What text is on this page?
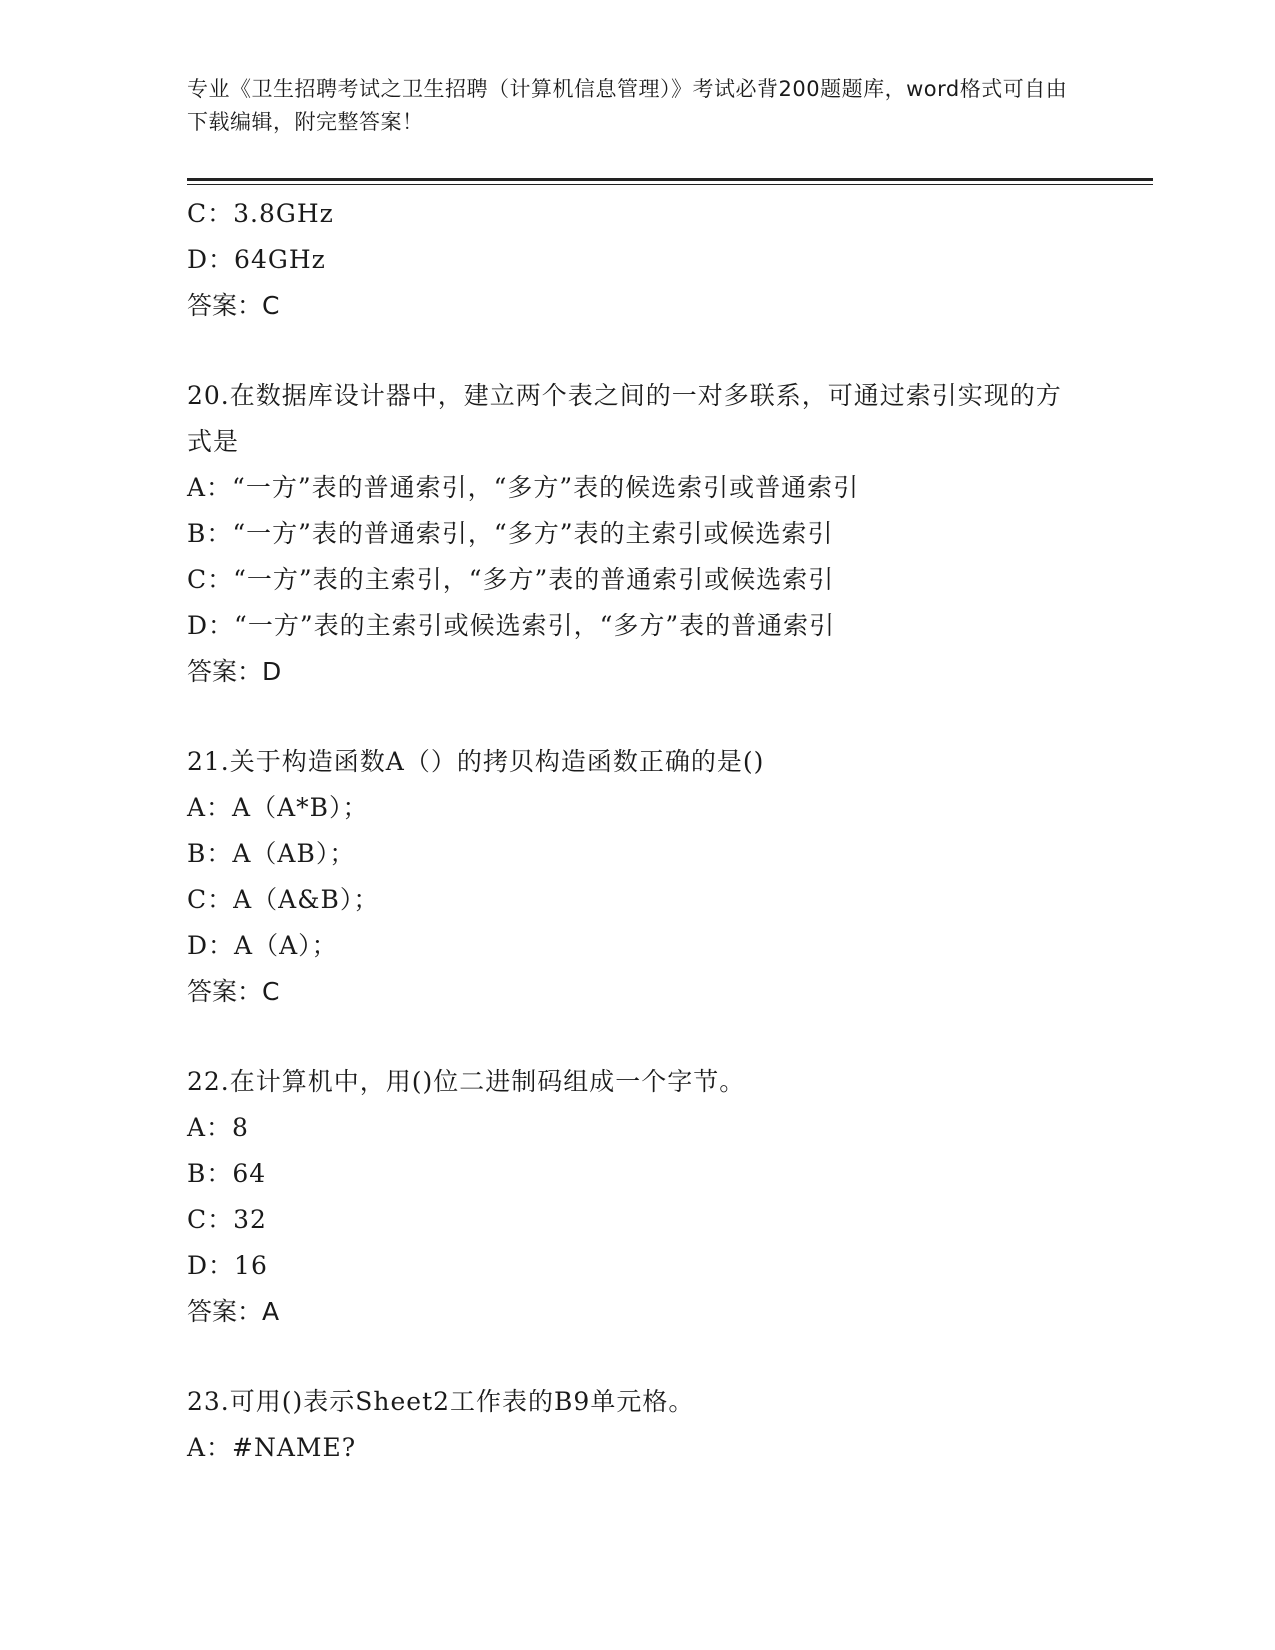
专业《卫生招聘考试之卫生招聘（计算机信息管理）》考试必背200题题库，word格式可自由下载编辑，附完整答案！
C：3.8GHz
D：64GHz
答案：C
20.在数据库设计器中，建立两个表之间的一对多联系，可通过索引实现的方式是
A：“一方”表的普通索引，“多方”表的候选索引或普通索引
B：“一方”表的普通索引，“多方”表的主索引或候选索引
C：“一方”表的主索引，“多方”表的普通索引或候选索引
D：“一方”表的主索引或候选索引，“多方”表的普通索引
答案：D
21.关于构造函数A（）的拷贝构造函数正确的是()
A：A（A*B）；
B：A（AB）；
C：A（A&B）；
D：A（A）；
答案：C
22.在计算机中，用()位二进制码组成一个字节。
A：8
B：64
C：32
D：16
答案：A
23.可用()表示Sheet2工作表的B9单元格。
A：#NAME?
